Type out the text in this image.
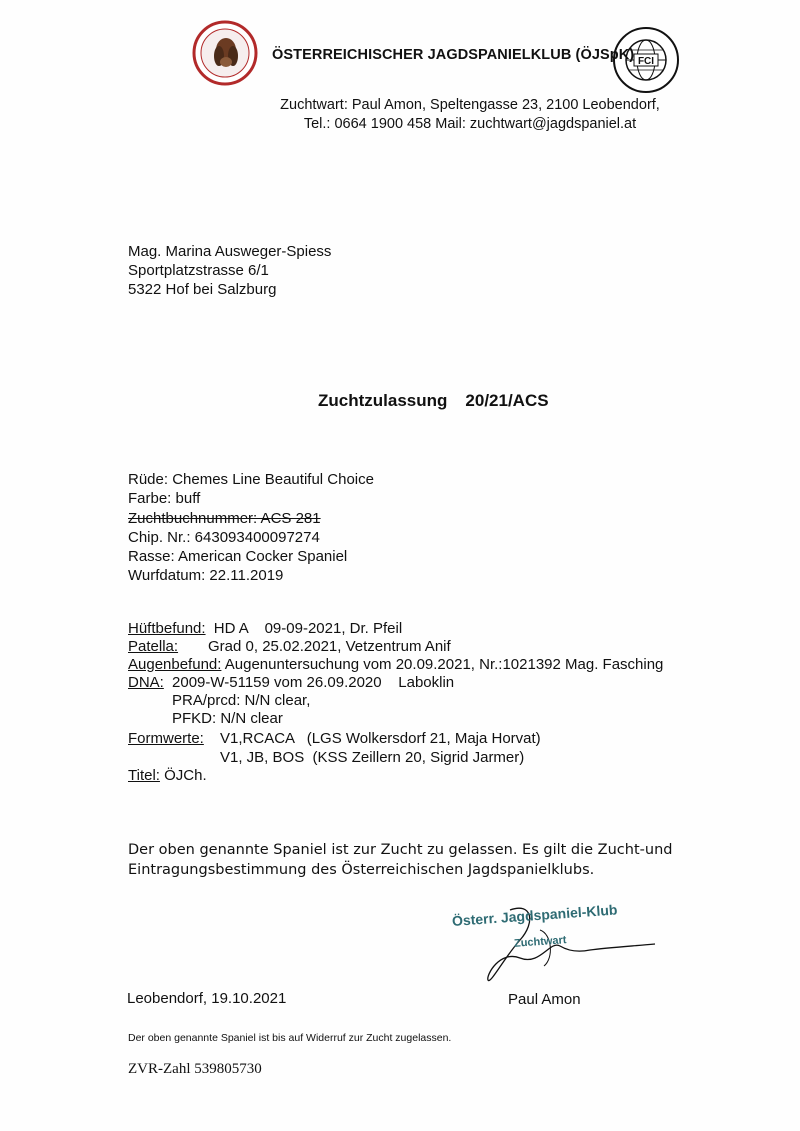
FCI
ÖSTERREICHISCHER JAGDSPANIELKLUB (ÖJSpK)
Zuchtwart: Paul Amon, Speltengasse 23, 2100 Leobendorf,
Tel.: 0664 1900 458 Mail: zuchtwart@jagdspaniel.at
Mag. Marina Ausweger-Spiess
Sportplatzstrasse 6/1
5322 Hof bei Salzburg
Zuchtzulassung 20/21/ACS
Rüde: Chemes Line Beautiful Choice
Farbe: buff
Zuchtbuchnummer: ACS 281
Chip. Nr.: 643093400097274
Rasse: American Cocker Spaniel
Wurfdatum: 22.11.2019
Hüftbefund: HD A    09-09-2021, Dr. Pfeil
Patella: Grad 0, 25.02.2021, Vetzentrum Anif
Augenbefund: Augenuntersuchung vom 20.09.2021, Nr.:1021392 Mag. Fasching
DNA: 2009-W-51159 vom 26.09.2020    Laboklin
PRA/prcd: N/N clear,
PFKD: N/N clear
Formwerte: V1,RCACA   (LGS Wolkersdorf 21, Maja Horvat)
V1, JB, BOS  (KSS Zeillern 20, Sigrid Jarmer)
Titel: ÖJCh.
Der oben genannte Spaniel ist zur Zucht zu gelassen. Es gilt die Zucht-und Eintragungsbestimmung des Österreichischen Jagdspanielklubs.
Österr. Jagdspaniel-Klub
Zuchtwart
Leobendorf, 19.10.2021	Paul Amon
Der oben genannte Spaniel ist bis auf Widerruf zur Zucht zugelassen.
ZVR-Zahl 539805730
